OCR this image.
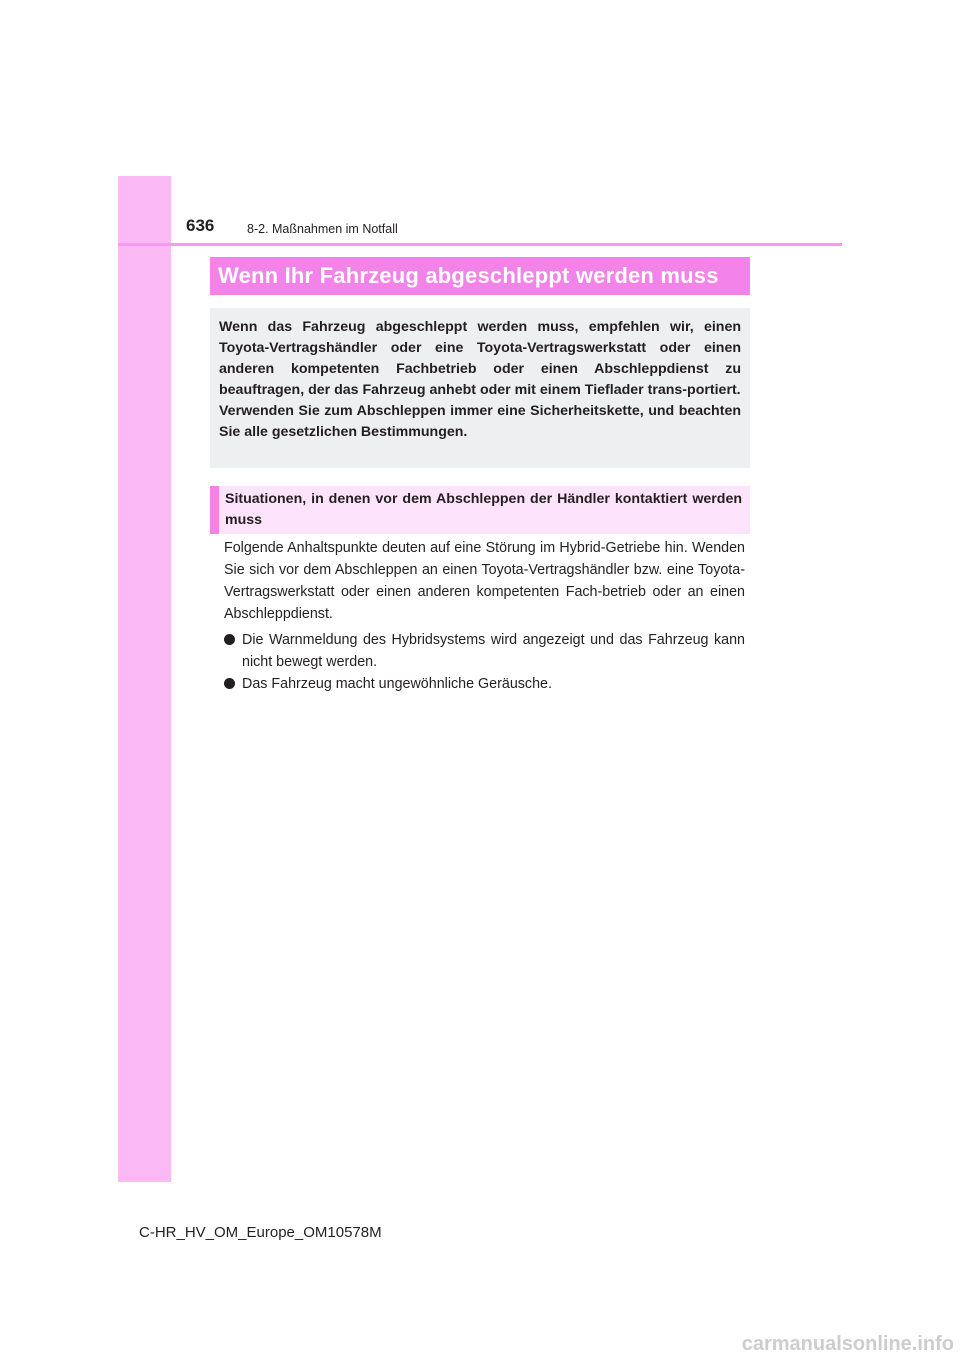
636	8-2. Maßnahmen im Notfall
Wenn Ihr Fahrzeug abgeschleppt werden muss

Wenn das Fahrzeug abgeschleppt werden muss, empfehlen wir, einen Toyota-Vertragshändler oder eine Toyota-Vertragswerkstatt oder einen anderen kompetenten Fachbetrieb oder einen Abschleppdienst zu beauftragen, der das Fahrzeug anhebt oder mit einem Tieflader trans-portiert.

Verwenden Sie zum Abschleppen immer eine Sicherheitskette, und beachten Sie alle gesetzlichen Bestimmungen.

Situationen, in denen vor dem Abschleppen der Händler kontaktiert werden muss

Folgende Anhaltspunkte deuten auf eine Störung im Hybrid-Getriebe hin. Wenden Sie sich vor dem Abschleppen an einen Toyota-Vertragshändler bzw. eine Toyota-Vertragswerkstatt oder einen anderen kompetenten Fach-betrieb oder an einen Abschleppdienst.

Die Warnmeldung des Hybridsystems wird angezeigt und das Fahrzeug kann nicht bewegt werden.
Das Fahrzeug macht ungewöhnliche Geräusche.
C-HR_HV_OM_Europe_OM10578M
carmanualsonline.info
